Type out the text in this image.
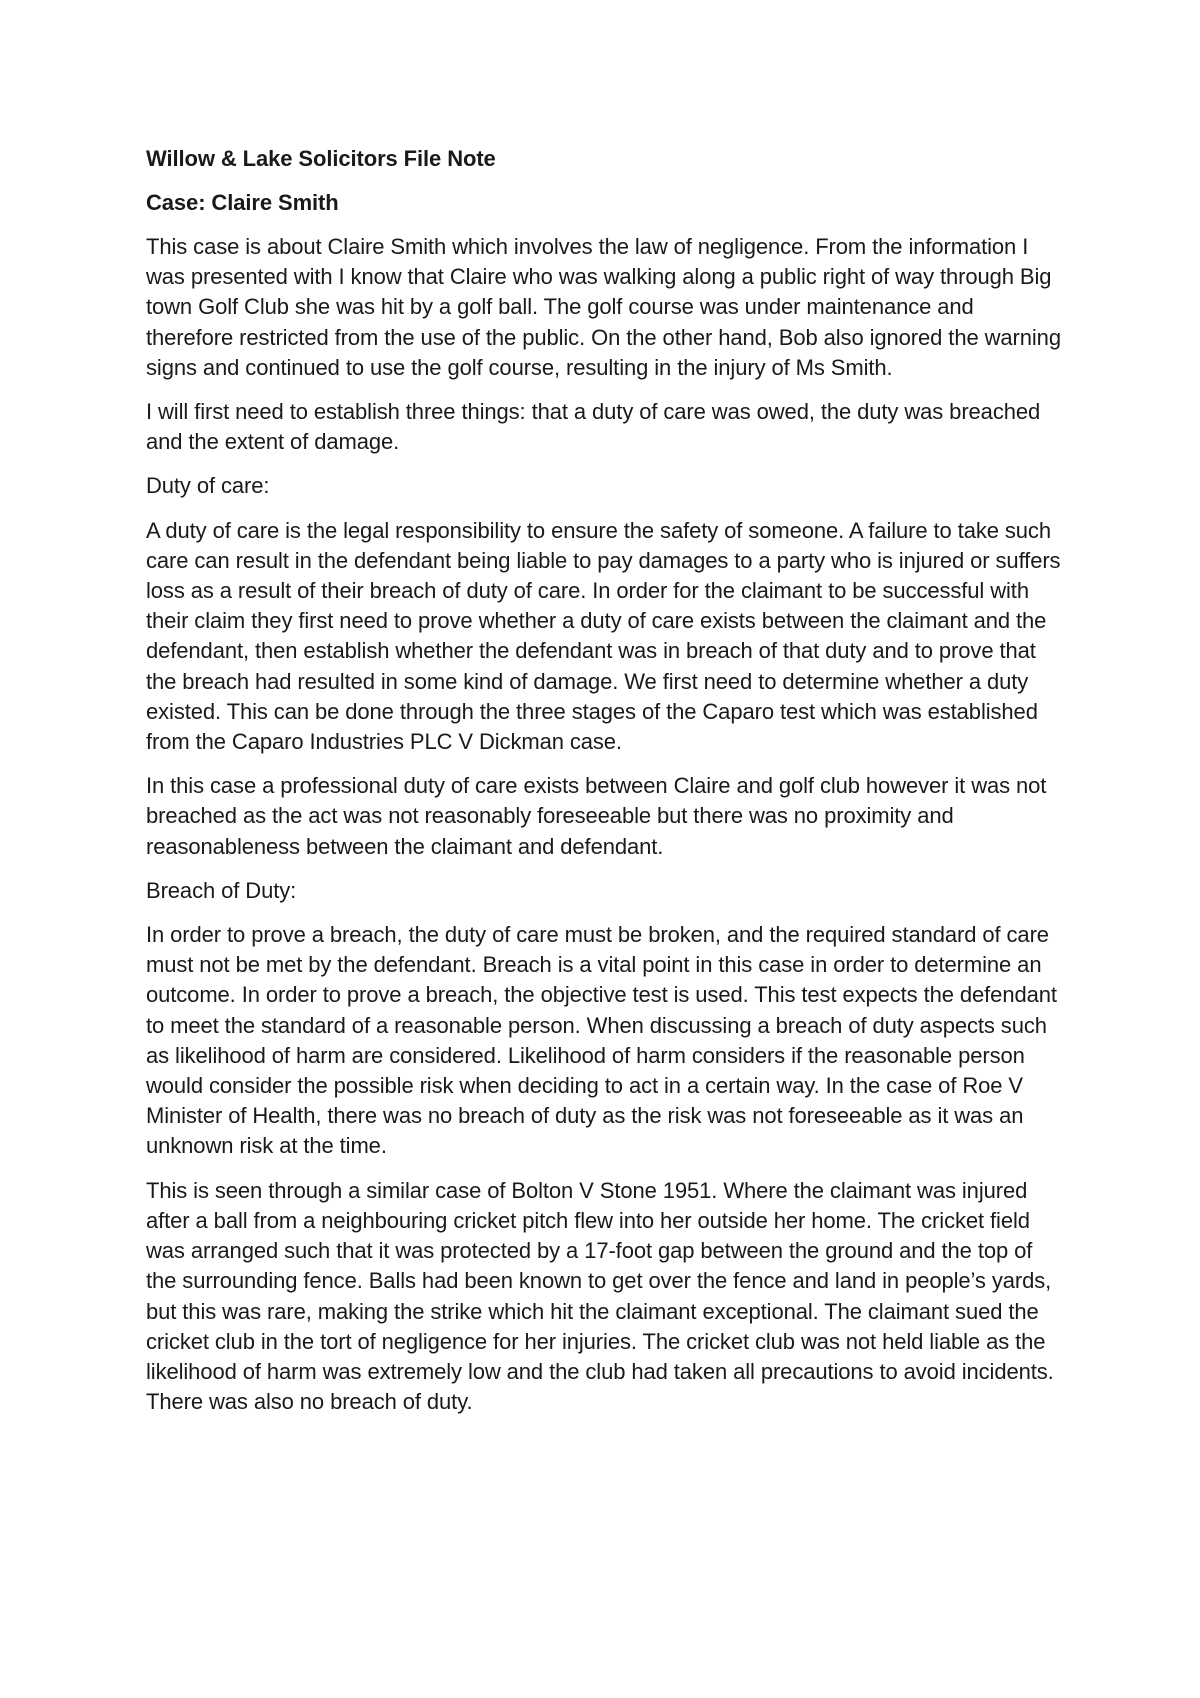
Willow & Lake Solicitors File Note
Case: Claire Smith

This case is about Claire Smith which involves the law of negligence. From the information I was presented with I know that Claire who was walking along a public right of way through Big town Golf Club she was hit by a golf ball. The golf course was under maintenance and therefore restricted from the use of the public. On the other hand, Bob also ignored the warning signs and continued to use the golf course, resulting in the injury of Ms Smith.

I will first need to establish three things: that a duty of care was owed, the duty was breached and the extent of damage.

Duty of care:

A duty of care is the legal responsibility to ensure the safety of someone. A failure to take such care can result in the defendant being liable to pay damages to a party who is injured or suffers loss as a result of their breach of duty of care. In order for the claimant to be successful with their claim they first need to prove whether a duty of care exists between the claimant and the defendant, then establish whether the defendant was in breach of that duty and to prove that the breach had resulted in some kind of damage. We first need to determine whether a duty existed. This can be done through the three stages of the Caparo test which was established from the Caparo Industries PLC V Dickman case.

In this case a professional duty of care exists between Claire and golf club however it was not breached as the act was not reasonably foreseeable but there was no proximity and reasonableness between the claimant and defendant.

Breach of Duty:

In order to prove a breach, the duty of care must be broken, and the required standard of care must not be met by the defendant. Breach is a vital point in this case in order to determine an outcome. In order to prove a breach, the objective test is used. This test expects the defendant to meet the standard of a reasonable person. When discussing a breach of duty aspects such as likelihood of harm are considered. Likelihood of harm considers if the reasonable person would consider the possible risk when deciding to act in a certain way. In the case of Roe V Minister of Health, there was no breach of duty as the risk was not foreseeable as it was an unknown risk at the time.

This is seen through a similar case of Bolton V Stone 1951. Where the claimant was injured after a ball from a neighbouring cricket pitch flew into her outside her home. The cricket field was arranged such that it was protected by a 17-foot gap between the ground and the top of the surrounding fence. Balls had been known to get over the fence and land in people’s yards, but this was rare, making the strike which hit the claimant exceptional. The claimant sued the cricket club in the tort of negligence for her injuries. The cricket club was not held liable as the likelihood of harm was extremely low and the club had taken all precautions to avoid incidents. There was also no breach of duty.
